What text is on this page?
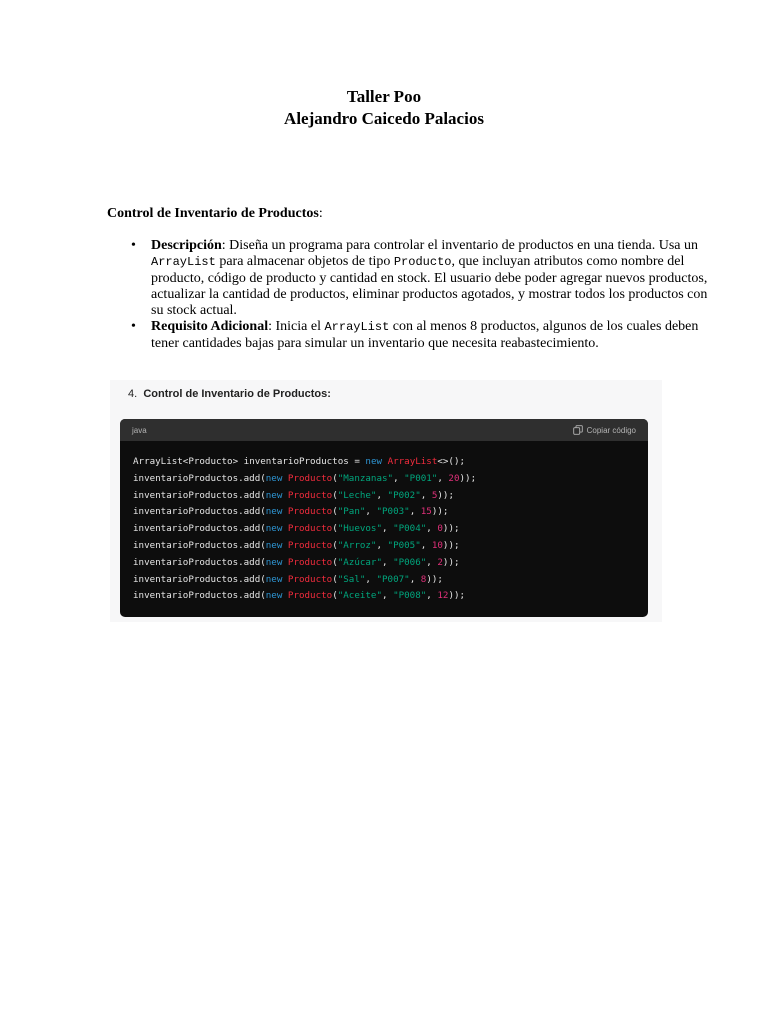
Taller Poo
Alejandro Caicedo Palacios
Control de Inventario de Productos:
• Descripción: Diseña un programa para controlar el inventario de productos en una tienda. Usa un ArrayList para almacenar objetos de tipo Producto, que incluyan atributos como nombre del producto, código de producto y cantidad en stock. El usuario debe poder agregar nuevos productos, actualizar la cantidad de productos, eliminar productos agotados, y mostrar todos los productos con su stock actual.
• Requisito Adicional: Inicia el ArrayList con al menos 8 productos, algunos de los cuales deben tener cantidades bajas para simular un inventario que necesita reabastecimiento.
4. Control de Inventario de Productos:
java	Copiar código
ArrayList<Producto> inventarioProductos = new ArrayList<>();
inventarioProductos.add(new Producto("Manzanas", "P001", 20));
inventarioProductos.add(new Producto("Leche", "P002", 5));
inventarioProductos.add(new Producto("Pan", "P003", 15));
inventarioProductos.add(new Producto("Huevos", "P004", 0));
inventarioProductos.add(new Producto("Arroz", "P005", 10));
inventarioProductos.add(new Producto("Azúcar", "P006", 2));
inventarioProductos.add(new Producto("Sal", "P007", 8));
inventarioProductos.add(new Producto("Aceite", "P008", 12));
